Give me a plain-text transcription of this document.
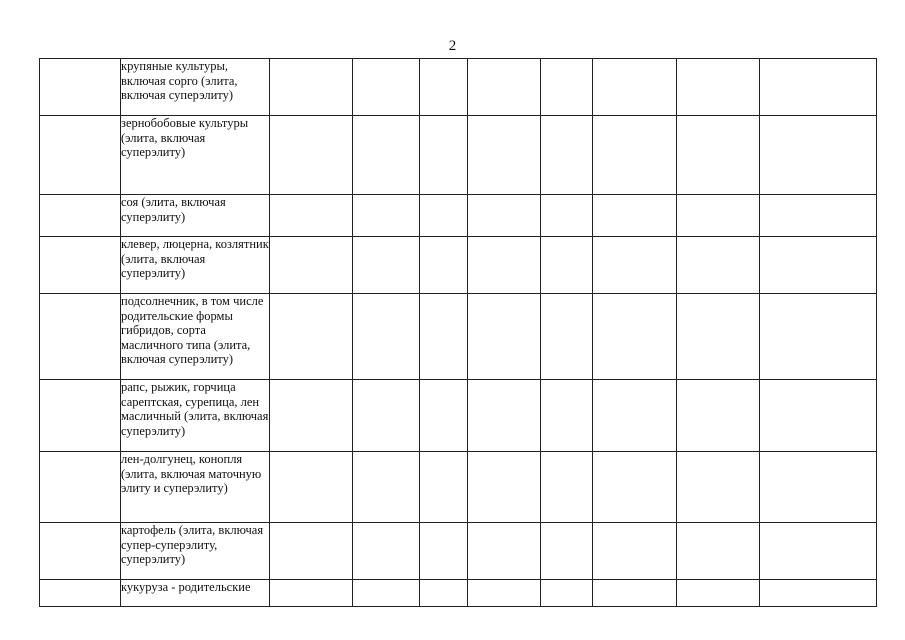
2

	крупяные культуры, включая сорго (элита, включая суперэлиту)								

	зернобобовые культуры (элита, включая суперэлиту)								

	соя (элита, включая суперэлиту)								

	клевер, люцерна, козлятник (элита, включая суперэлиту)								

	подсолнечник, в том числе родительские формы гибридов, сорта масличного типа (элита, включая суперэлиту)								

	рапс, рыжик, горчица сарептская, сурепица, лен масличный (элита, включая суперэлиту)								

	лен-долгунец, конопля (элита, включая маточную элиту и суперэлиту)								

	картофель (элита, включая супер-суперэлиту, суперэлиту)								

	кукуруза - родительские								
